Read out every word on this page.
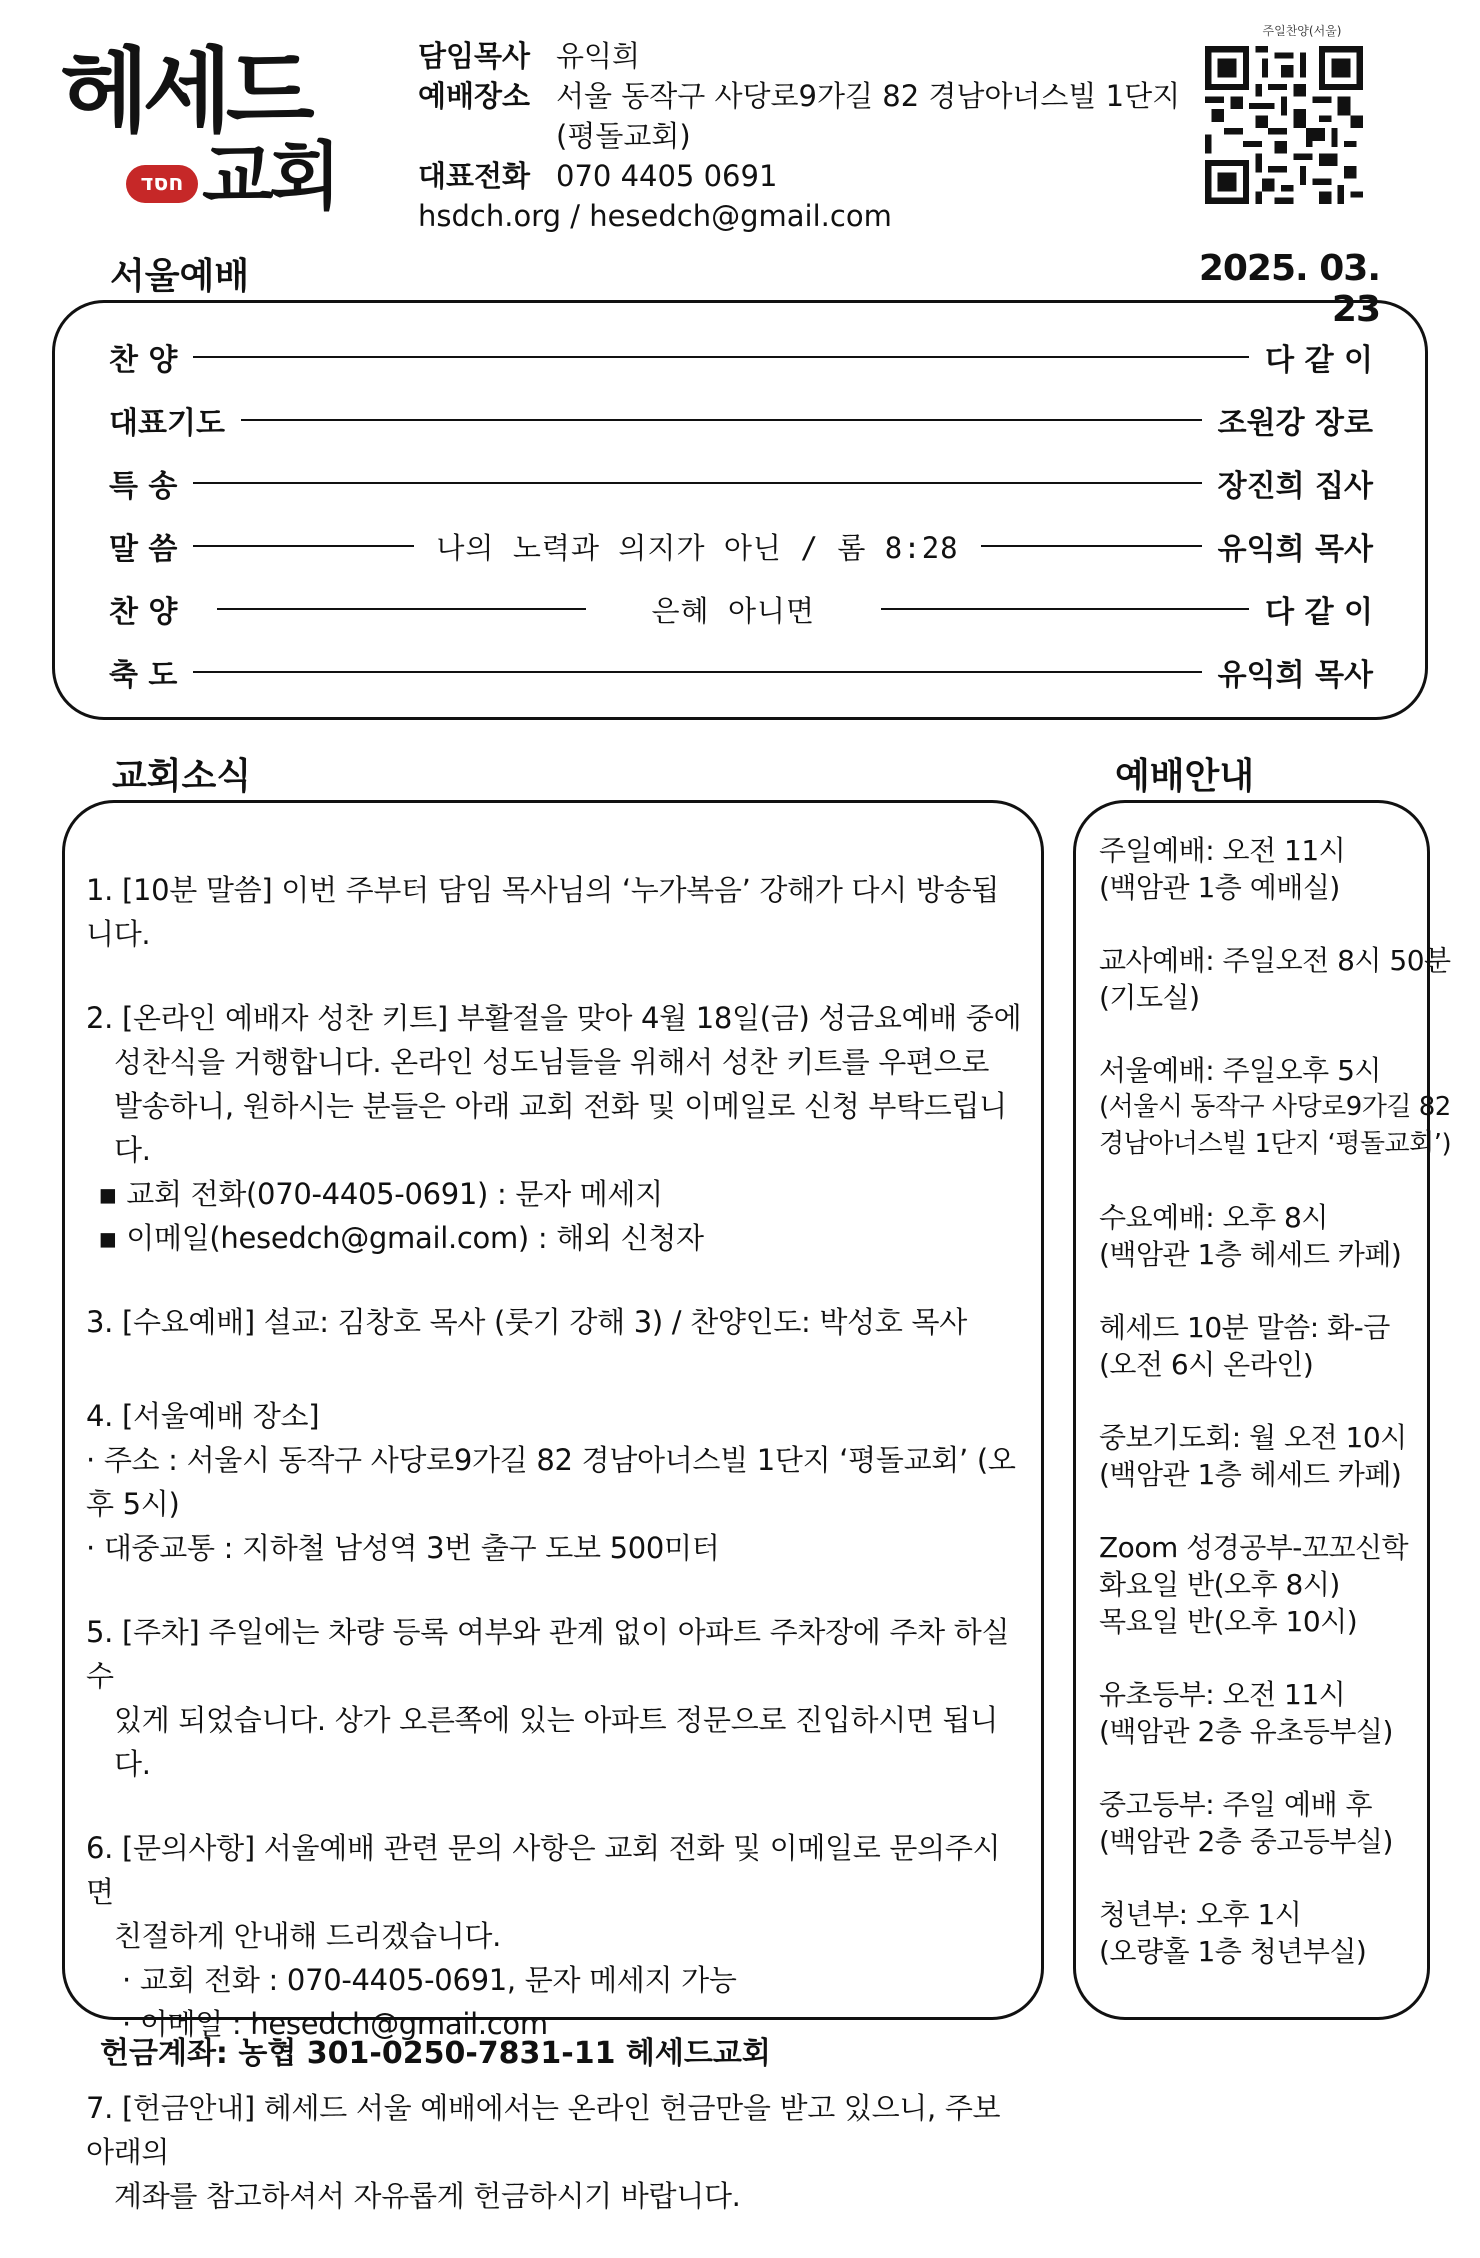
헤세드
חסד 교회
담임목사 유익희
예배장소 서울 동작구 사당로9가길 82 경남아너스빌 1단지 (평돌교회)
대표전화 070 4405 0691
hsdch.org / hesedch@gmail.com
주일찬양(서울)
서울예배	2025. 03. 23
찬 양	다 같 이
대표기도	조원강 장로
특 송	장진희 집사
말 씀	나의 노력과 의지가 아닌 / 롬 8:28	유익희 목사
찬 양	은혜 아니면	다 같 이
축 도	유익희 목사
교회소식	예배안내

1. [10분 말씀] 이번 주부터 담임 목사님의 ‘누가복음’ 강해가 다시 방송됩니다.

2. [온라인 예배자 성찬 키트] 부활절을 맞아 4월 18일(금) 성금요예배 중에

성찬식을 거행합니다. 온라인 성도님들을 위해서 성찬 키트를 우편으로

발송하니, 원하시는 분들은 아래 교회 전화 및 이메일로 신청 부탁드립니다.

▪ 교회 전화(070-4405-0691) : 문자 메세지

▪ 이메일(hesedch@gmail.com) : 해외 신청자

3. [수요예배] 설교: 김창호 목사 (룻기 강해 3) / 찬양인도: 박성호 목사

4. [서울예배 장소]

· 주소 : 서울시 동작구 사당로9가길 82 경남아너스빌 1단지 ‘평돌교회’ (오후 5시)

· 대중교통 : 지하철 남성역 3번 출구 도보 500미터

5. [주차] 주일에는 차량 등록 여부와 관계 없이 아파트 주차장에 주차 하실 수

있게 되었습니다. 상가 오른쪽에 있는 아파트 정문으로 진입하시면 됩니다.

6. [문의사항] 서울예배 관련 문의 사항은 교회 전화 및 이메일로 문의주시면

친절하게 안내해 드리겠습니다.

· 교회 전화 : 070-4405-0691, 문자 메세지 가능

· 이메일 : hesedch@gmail.com

7. [헌금안내] 헤세드 서울 예배에서는 온라인 헌금만을 받고 있으니, 주보 아래의

계좌를 참고하셔서 자유롭게 헌금하시기 바랍니다.

주일예배: 오전 11시

(백암관 1층 예배실)

교사예배: 주일오전 8시 50분

(기도실)

서울예배: 주일오후 5시

(서울시 동작구 사당로9가길 82

경남아너스빌 1단지 ‘평돌교회’)

수요예배: 오후 8시

(백암관 1층 헤세드 카페)

헤세드 10분 말씀: 화-금

(오전 6시 온라인)

중보기도회: 월 오전 10시

(백암관 1층 헤세드 카페)

Zoom 성경공부-꼬꼬신학

화요일 반(오후 8시)

목요일 반(오후 10시)

유초등부: 오전 11시

(백암관 2층 유초등부실)

중고등부: 주일 예배 후

(백암관 2층 중고등부실)

청년부: 오후 1시

(오량홀 1층 청년부실)

헌금계좌: 농협 301-0250-7831-11 헤세드교회
